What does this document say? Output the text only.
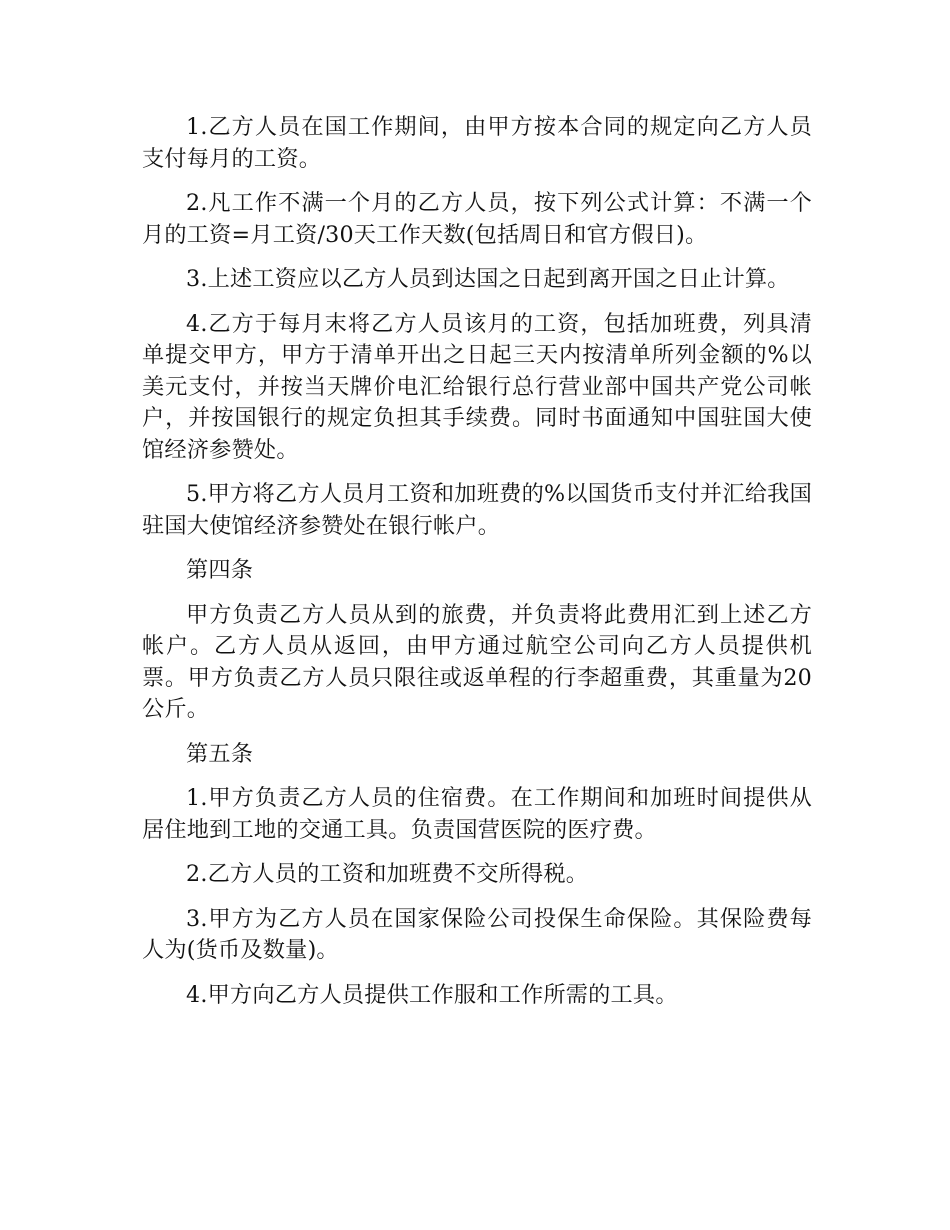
1.乙方人员在国工作期间，由甲方按本合同的规定向乙方人员支付每月的工资。

2.凡工作不满一个月的乙方人员，按下列公式计算：不满一个月的工资=月工资/30天工作天数(包括周日和官方假日)。

3.上述工资应以乙方人员到达国之日起到离开国之日止计算。

4.乙方于每月末将乙方人员该月的工资，包括加班费，列具清单提交甲方，甲方于清单开出之日起三天内按清单所列金额的%以美元支付，并按当天牌价电汇给银行总行营业部中国共产党公司帐户，并按国银行的规定负担其手续费。同时书面通知中国驻国大使馆经济参赞处。

5.甲方将乙方人员月工资和加班费的%以国货币支付并汇给我国驻国大使馆经济参赞处在银行帐户。

第四条

甲方负责乙方人员从到的旅费，并负责将此费用汇到上述乙方帐户。乙方人员从返回，由甲方通过航空公司向乙方人员提供机票。甲方负责乙方人员只限往或返单程的行李超重费，其重量为20公斤。

第五条

1.甲方负责乙方人员的住宿费。在工作期间和加班时间提供从居住地到工地的交通工具。负责国营医院的医疗费。

2.乙方人员的工资和加班费不交所得税。

3.甲方为乙方人员在国家保险公司投保生命保险。其保险费每人为(货币及数量)。

4.甲方向乙方人员提供工作服和工作所需的工具。
